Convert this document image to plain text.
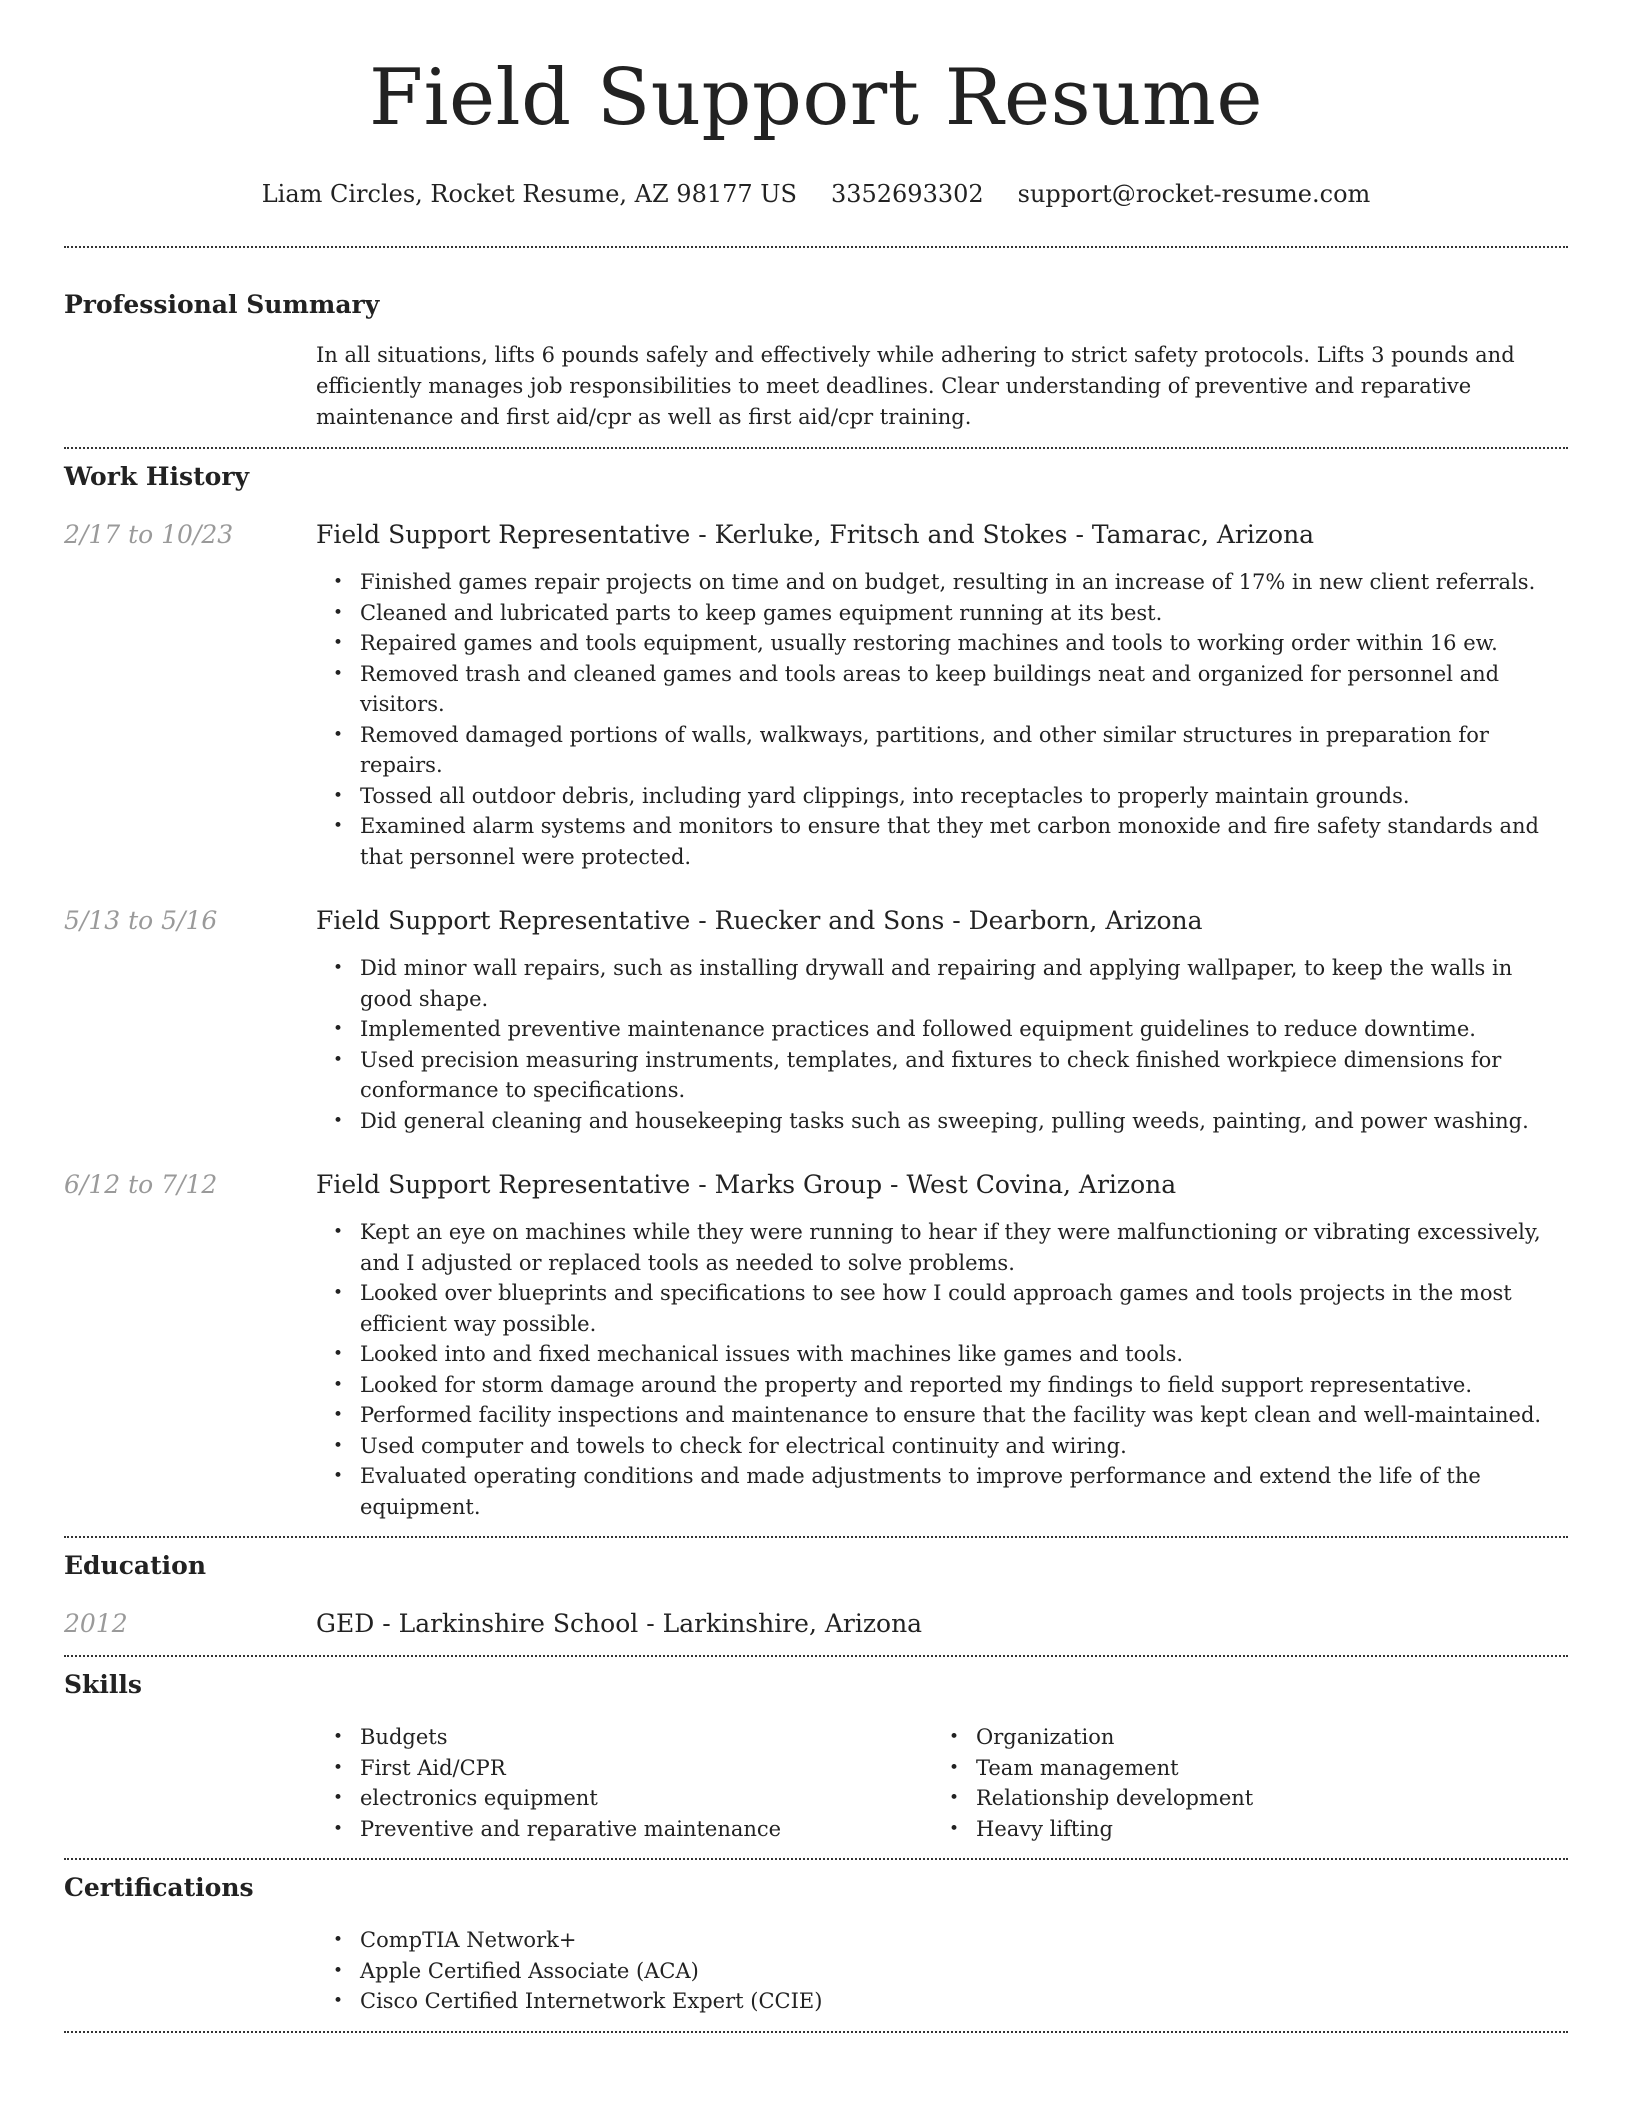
Field Support Resume
Liam Circles, Rocket Resume, AZ 98177 US 3352693302 support@rocket-resume.com
Professional Summary

In all situations, lifts 6 pounds safely and effectively while adhering to strict safety protocols. Lifts 3 pounds and efficiently manages job responsibilities to meet deadlines. Clear understanding of preventive and reparative maintenance and first aid/cpr as well as first aid/cpr training.

Work History
2/17 to 10/23	Field Support Representative - Kerluke, Fritsch and Stokes - Tamarac, Arizona
• Finished games repair projects on time and on budget, resulting in an increase of 17% in new client referrals.
• Cleaned and lubricated parts to keep games equipment running at its best.
• Repaired games and tools equipment, usually restoring machines and tools to working order within 16 ew.
• Removed trash and cleaned games and tools areas to keep buildings neat and organized for personnel and visitors.
• Removed damaged portions of walls, walkways, partitions, and other similar structures in preparation for repairs.
• Tossed all outdoor debris, including yard clippings, into receptacles to properly maintain grounds.
• Examined alarm systems and monitors to ensure that they met carbon monoxide and fire safety standards and that personnel were protected.
5/13 to 5/16	Field Support Representative - Ruecker and Sons - Dearborn, Arizona
• Did minor wall repairs, such as installing drywall and repairing and applying wallpaper, to keep the walls in good shape.
• Implemented preventive maintenance practices and followed equipment guidelines to reduce downtime.
• Used precision measuring instruments, templates, and fixtures to check finished workpiece dimensions for conformance to specifications.
• Did general cleaning and housekeeping tasks such as sweeping, pulling weeds, painting, and power washing.
6/12 to 7/12	Field Support Representative - Marks Group - West Covina, Arizona
• Kept an eye on machines while they were running to hear if they were malfunctioning or vibrating excessively, and I adjusted or replaced tools as needed to solve problems.
• Looked over blueprints and specifications to see how I could approach games and tools projects in the most efficient way possible.
• Looked into and fixed mechanical issues with machines like games and tools.
• Looked for storm damage around the property and reported my findings to field support representative.
• Performed facility inspections and maintenance to ensure that the facility was kept clean and well-maintained.
• Used computer and towels to check for electrical continuity and wiring.
• Evaluated operating conditions and made adjustments to improve performance and extend the life of the equipment.
Education
2012	GED - Larkinshire School - Larkinshire, Arizona
Skills
• Budgets
• First Aid/CPR
• electronics equipment
• Preventive and reparative maintenance
• Organization
• Team management
• Relationship development
• Heavy lifting
Certifications
• CompTIA Network+
• Apple Certified Associate (ACA)
• Cisco Certified Internetwork Expert (CCIE)
